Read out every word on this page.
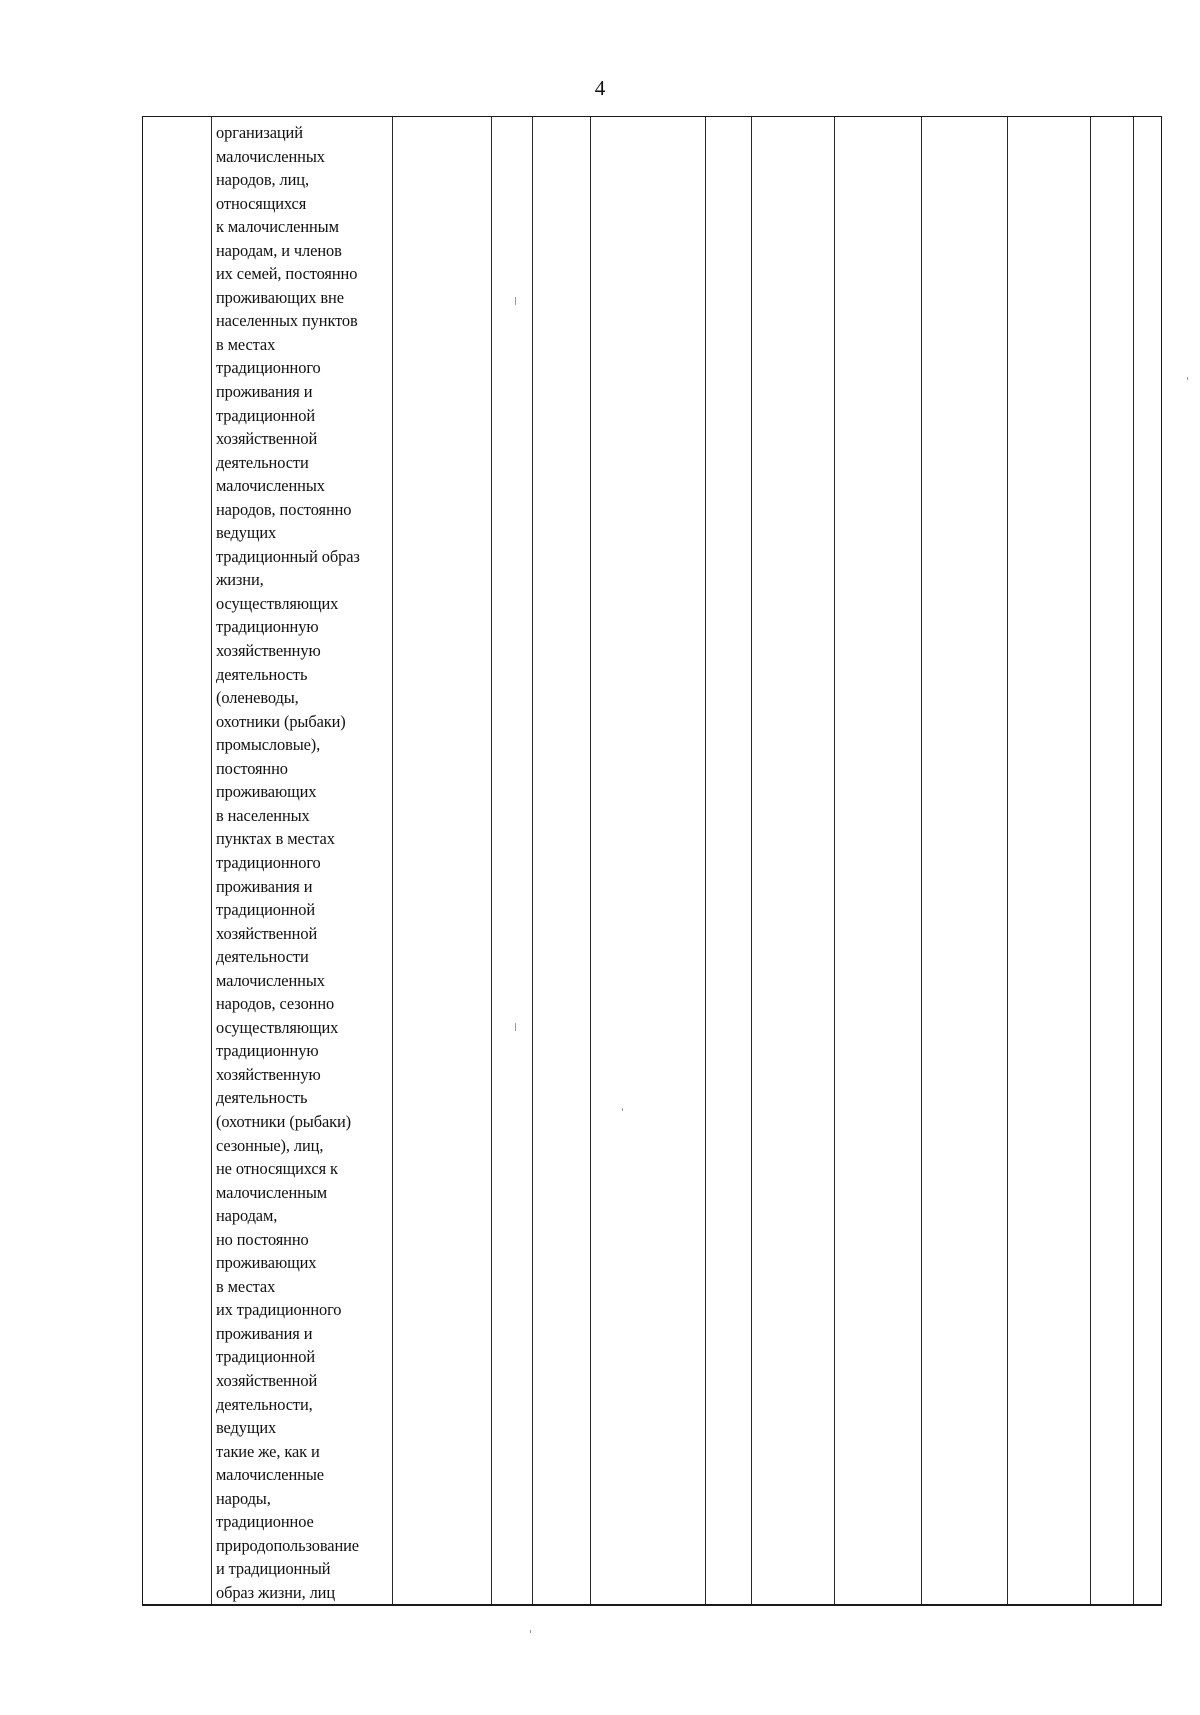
4
организаций
малочисленных
народов, лиц,
относящихся
к малочисленным
народам, и членов
их семей, постоянно
проживающих вне
населенных пунктов
в местах
традиционного
проживания и
традиционной
хозяйственной
деятельности
малочисленных
народов, постоянно
ведущих
традиционный образ
жизни,
осуществляющих
традиционную
хозяйственную
деятельность
(оленеводы,
охотники (рыбаки)
промысловые),
постоянно
проживающих
в населенных
пунктах в местах
традиционного
проживания и
традиционной
хозяйственной
деятельности
малочисленных
народов, сезонно
осуществляющих
традиционную
хозяйственную
деятельность
(охотники (рыбаки)
сезонные), лиц,
не относящихся к
малочисленным
народам,
но постоянно
проживающих
в местах
их традиционного
проживания и
традиционной
хозяйственной
деятельности,
ведущих
такие же, как и
малочисленные
народы,
традиционное
природопользование
и традиционный
образ жизни, лиц
